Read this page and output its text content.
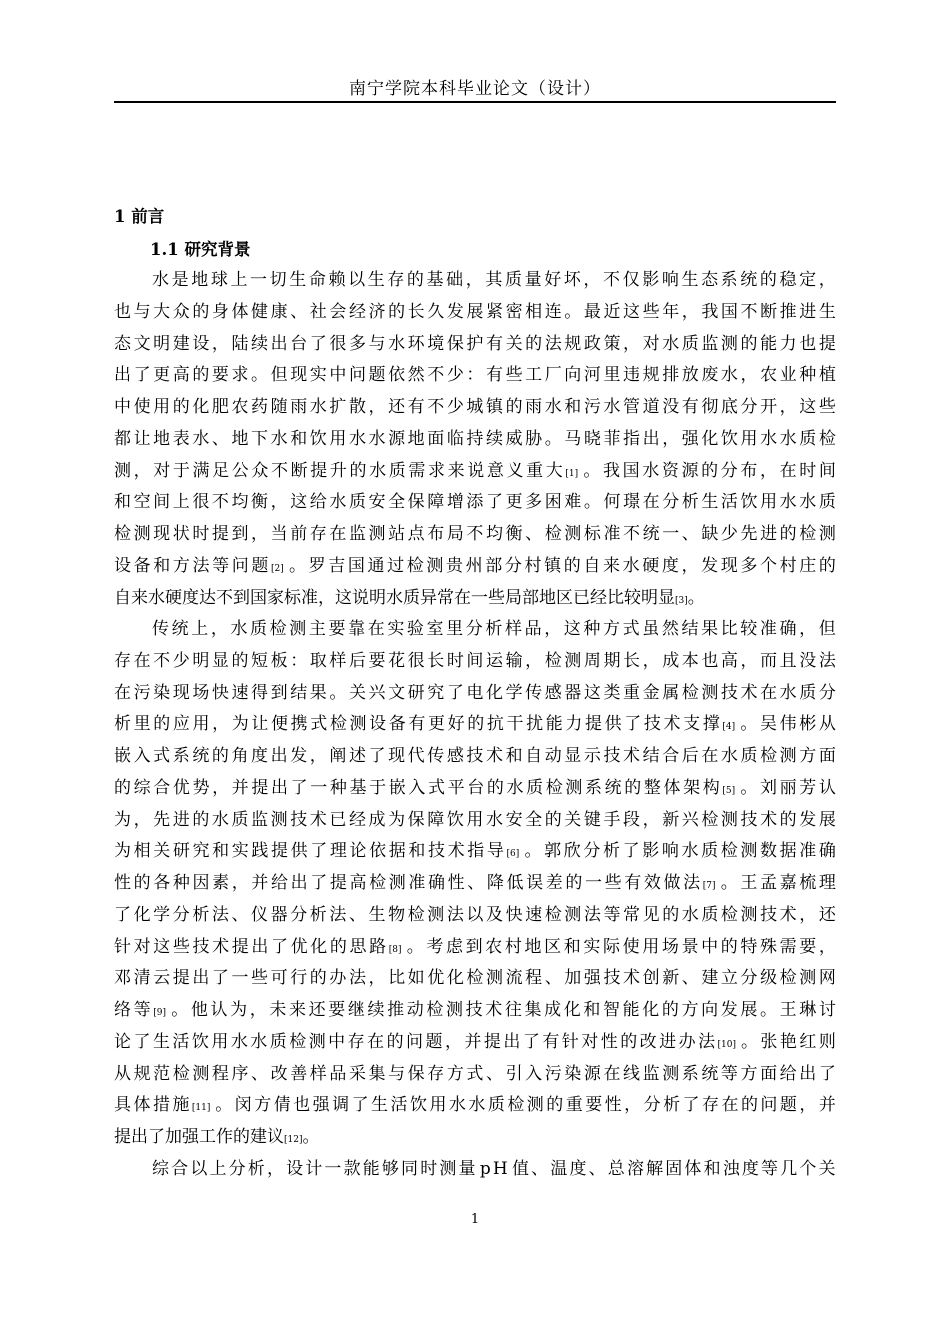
南宁学院本科毕业论文（设计）
1 前言
1.1 研究背景
水 是 地 球 上 一 切 生 命 赖 以 生 存 的 基 础 ， 其 质 量 好 坏 ， 不 仅 影 响 生 态 系 统 的 稳 定 ，
也 与 大 众 的 身 体 健 康 、 社 会 经 济 的 长 久 发 展 紧 密 相 连 。 最 近 这 些 年 ， 我 国 不 断 推 进 生
态 文 明 建 设 ， 陆 续 出 台 了 很 多 与 水 环 境 保 护 有 关 的 法 规 政 策 ， 对 水 质 监 测 的 能 力 也 提
出 了 更 高 的 要 求 。 但 现 实 中 问 题 依 然 不 少 ： 有 些 工 厂 向 河 里 违 规 排 放 废 水 ， 农 业 种 植
中 使 用 的 化 肥 农 药 随 雨 水 扩 散 ， 还 有 不 少 城 镇 的 雨 水 和 污 水 管 道 没 有 彻 底 分 开 ， 这 些
都 让 地 表 水 、 地 下 水 和 饮 用 水 水 源 地 面 临 持 续 威 胁 。 马 晓 菲 指 出 ， 强 化 饮 用 水 水 质 检
测 ， 对 于 满 足 公 众 不 断 提 升 的 水 质 需 求 来 说 意 义 重 大 [1] 。 我 国 水 资 源 的 分 布 ， 在 时 间
和 空 间 上 很 不 均 衡 ， 这 给 水 质 安 全 保 障 增 添 了 更 多 困 难 。 何 璟 在 分 析 生 活 饮 用 水 水 质
检 测 现 状 时 提 到 ， 当 前 存 在 监 测 站 点 布 局 不 均 衡 、 检 测 标 准 不 统 一 、 缺 少 先 进 的 检 测
设 备 和 方 法 等 问 题 [2] 。 罗 吉 国 通 过 检 测 贵 州 部 分 村 镇 的 自 来 水 硬 度 ， 发 现 多 个 村 庄 的
自 来 水 硬 度 达 不 到 国 家 标 准 ， 这 说 明 水 质 异 常 在 一 些 局 部 地 区 已 经 比 较 明 显 [3] 。
传 统 上 ， 水 质 检 测 主 要 靠 在 实 验 室 里 分 析 样 品 ， 这 种 方 式 虽 然 结 果 比 较 准 确 ， 但
存 在 不 少 明 显 的 短 板 ： 取 样 后 要 花 很 长 时 间 运 输 ， 检 测 周 期 长 ， 成 本 也 高 ， 而 且 没 法
在 污 染 现 场 快 速 得 到 结 果 。 关 兴 文 研 究 了 电 化 学 传 感 器 这 类 重 金 属 检 测 技 术 在 水 质 分
析 里 的 应 用 ， 为 让 便 携 式 检 测 设 备 有 更 好 的 抗 干 扰 能 力 提 供 了 技 术 支 撑 [4] 。 吴 伟 彬 从
嵌 入 式 系 统 的 角 度 出 发 ， 阐 述 了 现 代 传 感 技 术 和 自 动 显 示 技 术 结 合 后 在 水 质 检 测 方 面
的 综 合 优 势 ， 并 提 出 了 一 种 基 于 嵌 入 式 平 台 的 水 质 检 测 系 统 的 整 体 架 构 [5] 。 刘 丽 芳 认
为 ， 先 进 的 水 质 监 测 技 术 已 经 成 为 保 障 饮 用 水 安 全 的 关 键 手 段 ， 新 兴 检 测 技 术 的 发 展
为 相 关 研 究 和 实 践 提 供 了 理 论 依 据 和 技 术 指 导 [6] 。 郭 欣 分 析 了 影 响 水 质 检 测 数 据 准 确
性 的 各 种 因 素 ， 并 给 出 了 提 高 检 测 准 确 性 、 降 低 误 差 的 一 些 有 效 做 法 [7] 。 王 孟 嘉 梳 理
了 化 学 分 析 法 、 仪 器 分 析 法 、 生 物 检 测 法 以 及 快 速 检 测 法 等 常 见 的 水 质 检 测 技 术 ， 还
针 对 这 些 技 术 提 出 了 优 化 的 思 路 [8] 。 考 虑 到 农 村 地 区 和 实 际 使 用 场 景 中 的 特 殊 需 要 ，
邓 清 云 提 出 了 一 些 可 行 的 办 法 ， 比 如 优 化 检 测 流 程 、 加 强 技 术 创 新 、 建 立 分 级 检 测 网
络 等 [9] 。 他 认 为 ， 未 来 还 要 继 续 推 动 检 测 技 术 往 集 成 化 和 智 能 化 的 方 向 发 展 。 王 琳 讨
论 了 生 活 饮 用 水 水 质 检 测 中 存 在 的 问 题 ， 并 提 出 了 有 针 对 性 的 改 进 办 法 [10] 。 张 艳 红 则
从 规 范 检 测 程 序 、 改 善 样 品 采 集 与 保 存 方 式 、 引 入 污 染 源 在 线 监 测 系 统 等 方 面 给 出 了
具 体 措 施 [11] 。 闵 方 倩 也 强 调 了 生 活 饮 用 水 水 质 检 测 的 重 要 性 ， 分 析 了 存 在 的 问 题 ， 并
提 出 了 加 强 工 作 的 建 议 [12] 。
综 合 以 上 分 析 ， 设 计 一 款 能 够 同 时 测 量 p H 值 、 温 度 、 总 溶 解 固 体 和 浊 度 等 几 个 关
1
